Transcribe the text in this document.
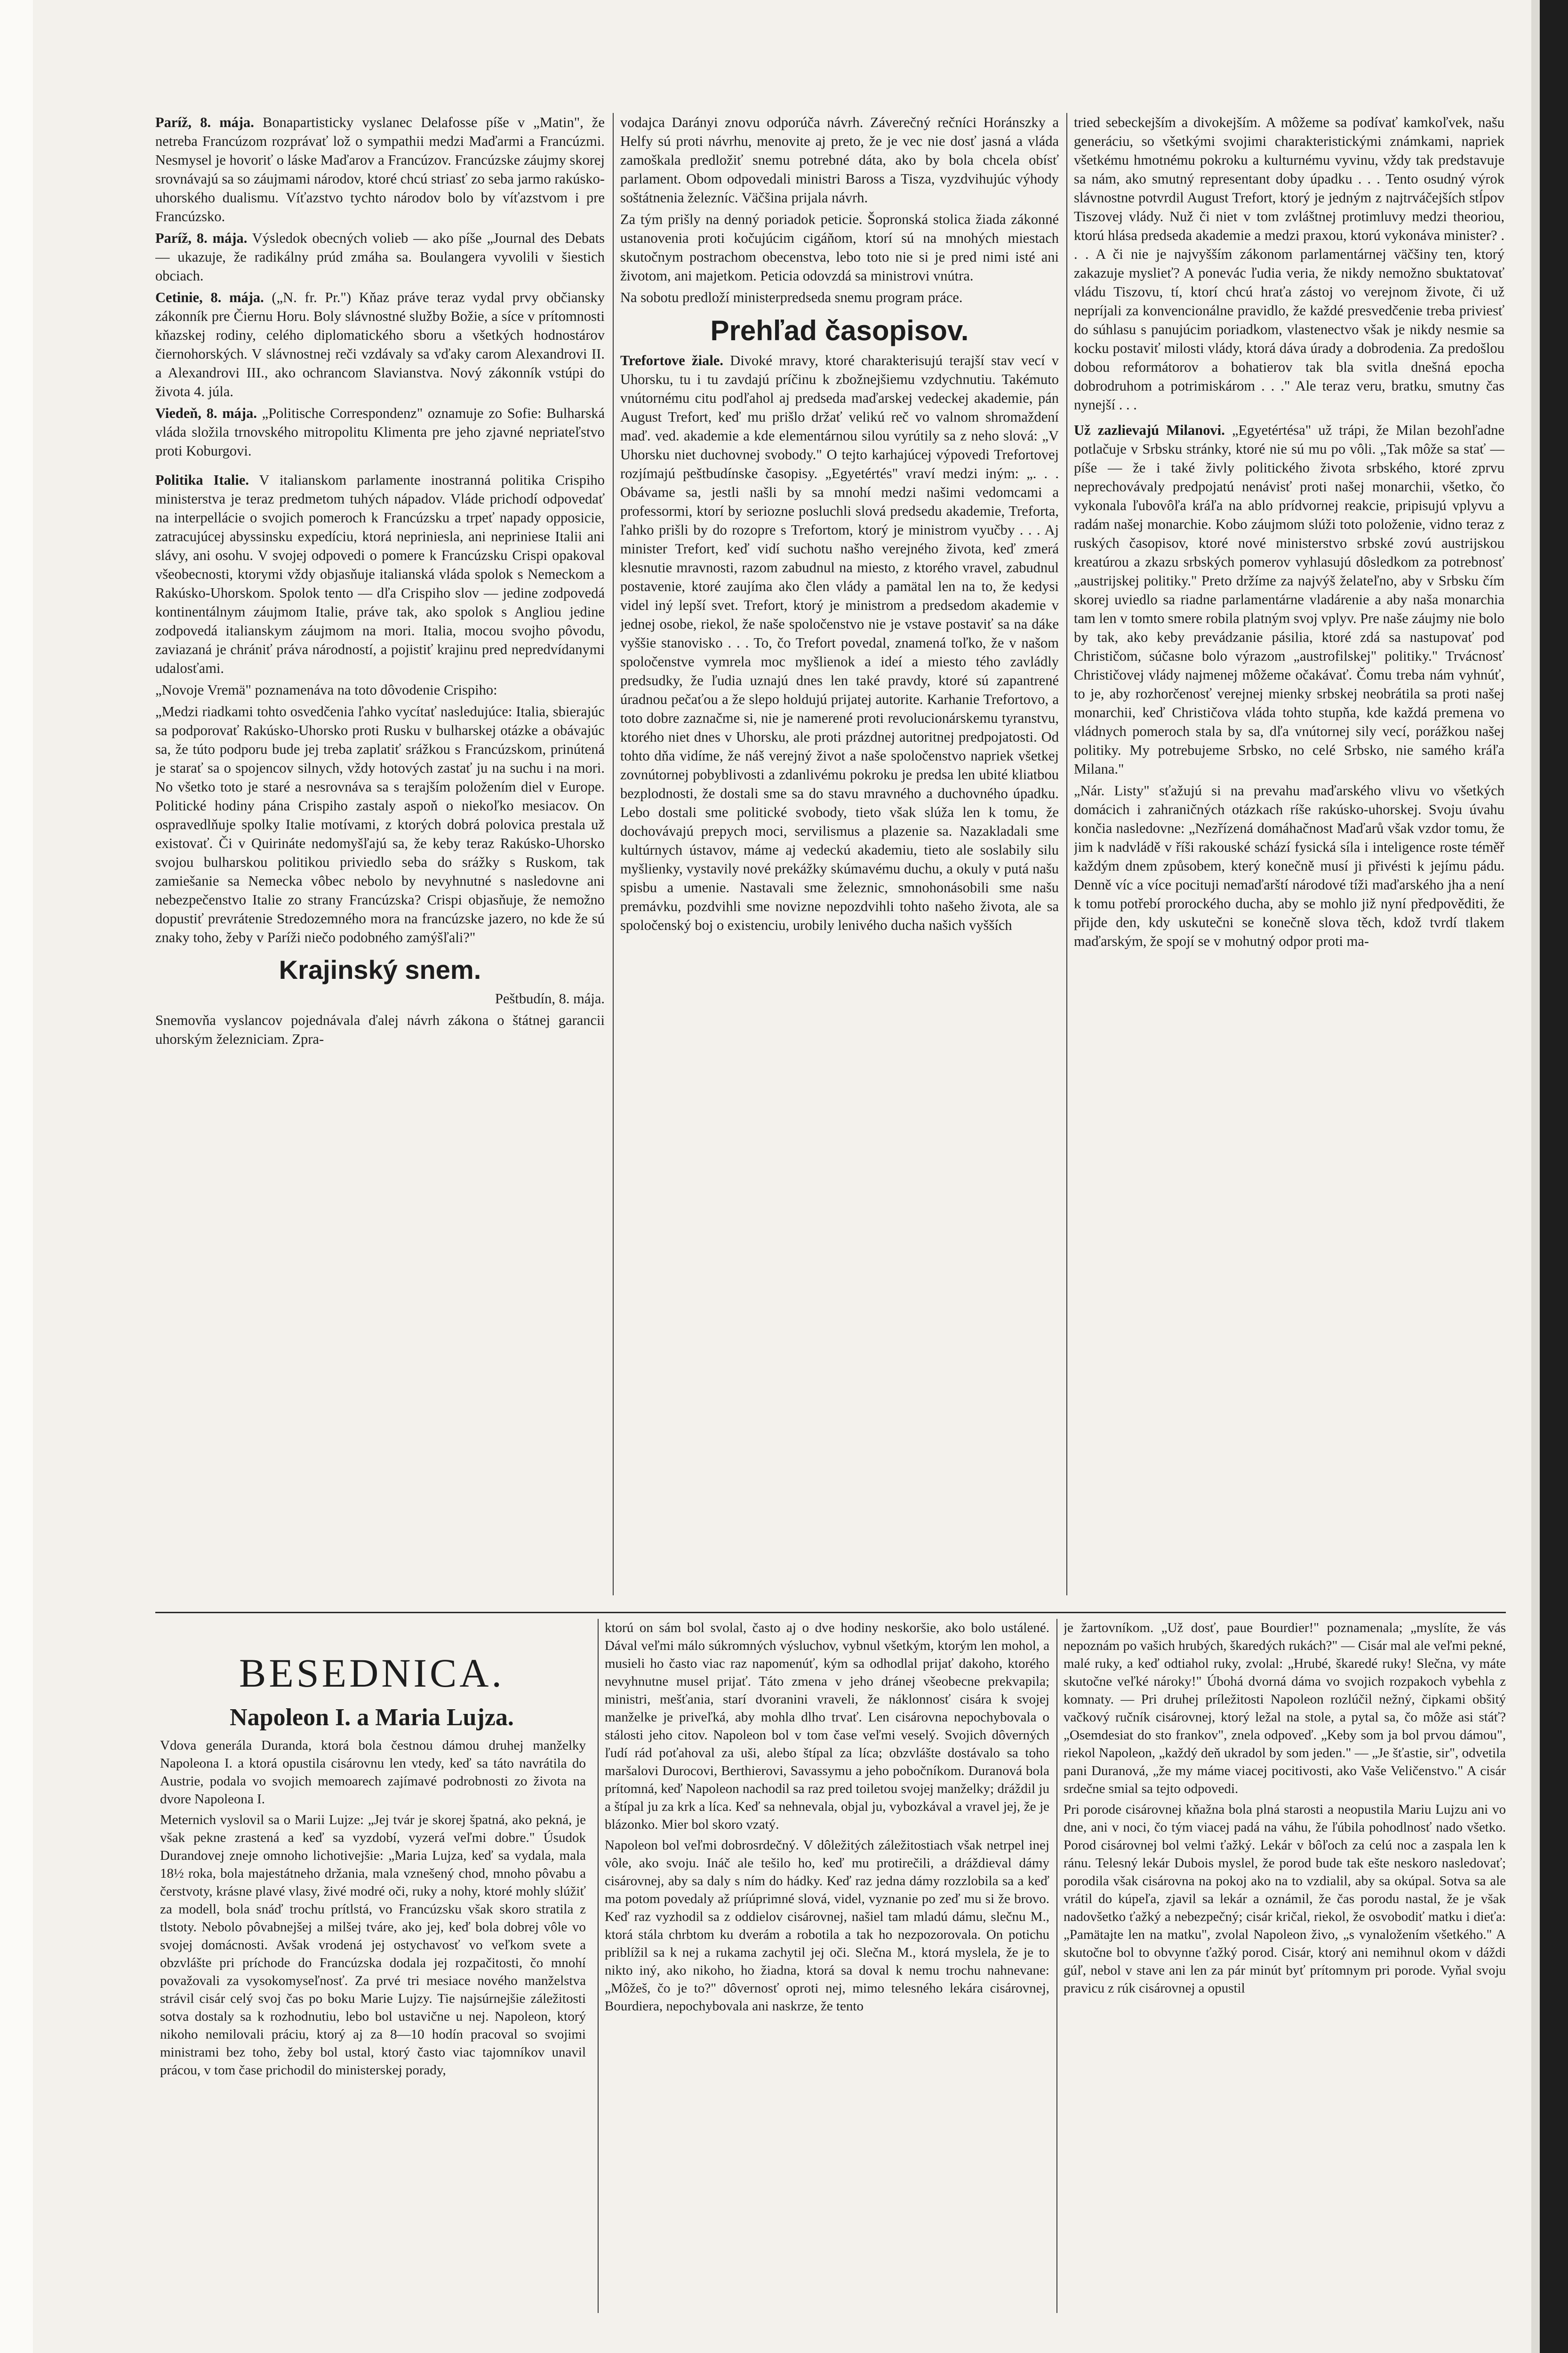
Paríž, 8. mája. Bonapartisticky vyslanec Delafosse píše v „Matin", že netreba Francúzom rozprávať lož o sympathii medzi Maďarmi a Francúzmi. Nesmysel je hovoriť o láske Maďarov a Francúzov. Francúzske záujmy skorej srovnávajú sa so záujmami národov, ktoré chcú striasť zo seba jarmo rakúsko-uhorského dualismu. Víťazstvo tychto národov bolo by víťazstvom i pre Francúzsko.

Paríž, 8. mája. Výsledok obecných volieb — ako píše „Journal des Debats — ukazuje, že radikálny prúd zmáha sa. Boulangera vyvolili v šiestich obciach.

Cetinie, 8. mája. („N. fr. Pr.") Kňaz práve teraz vydal prvy občiansky zákonník pre Čiernu Horu. Boly slávnostné služby Božie, a síce v prítomnosti kňazskej rodiny, celého diplomatického sboru a všetkých hodnostárov čiernohorských. V slávnostnej reči vzdávaly sa vďaky carom Alexandrovi II. a Alexandrovi III., ako ochrancom Slavianstva. Nový zákonník vstúpi do života 4. júla.

Viedeň, 8. mája. „Politische Correspondenz" oznamuje zo Sofie: Bulharská vláda složila trnovského mitropolitu Klimenta pre jeho zjavné nepriateľstvo proti Koburgovi.

Politika Italie. V italianskom parlamente inostranná politika Crispiho ministerstva je teraz predmetom tuhých nápadov. Vláde prichodí odpovedať na interpellácie o svojich pomeroch k Francúzsku a trpeť napady opposicie, zatracujúcej abyssinsku expedíciu, ktorá nepriniesla, ani nepriniese Italii ani slávy, ani osohu. V svojej odpovedi o pomere k Francúzsku Crispi opakoval všeobecnosti, ktorymi vždy objasňuje italianská vláda spolok s Nemeckom a Rakúsko-Uhorskom. Spolok tento — dľa Crispiho slov — jedine zodpovedá kontinentálnym záujmom Italie, práve tak, ako spolok s Angliou jedine zodpovedá italianskym záujmom na mori. Italia, mocou svojho pôvodu, zaviazaná je chrániť práva národností, a pojistiť krajinu pred nepredvídanymi udalosťami.

„Novoje Vremä" poznamenáva na toto dôvodenie Crispiho:

„Medzi riadkami tohto osvedčenia ľahko vycítať nasledujúce: Italia, sbierajúc sa podporovať Rakúsko-Uhorsko proti Rusku v bulharskej otázke a obávajúc sa, že túto podporu bude jej treba zaplatiť srážkou s Francúzskom, prinútená je starať sa o spojencov silnych, vždy hotových zastať ju na suchu i na mori. No všetko toto je staré a nesrovnáva sa s terajším položením diel v Europe. Politické hodiny pána Crispiho zastaly aspoň o niekoľko mesiacov. On ospravedlňuje spolky Italie motívami, z ktorých dobrá polovica prestala už existovať. Či v Quirináte nedomyšľajú sa, že keby teraz Rakúsko-Uhorsko svojou bulharskou politikou priviedlo seba do srážky s Ruskom, tak zamiešanie sa Nemecka vôbec nebolo by nevyhnutné s nasledovne ani nebezpečenstvo Italie zo strany Francúzska? Crispi objasňuje, že nemožno dopustiť prevrátenie Stredozemného mora na francúzske jazero, no kde že sú znaky toho, žeby v Paríži niečo podobného zamýšľali?"

Krajinský snem.

Peštbudín, 8. mája.

Snemovňa vyslancov pojednávala ďalej návrh zákona o štátnej garancii uhorským železniciam. Zpra-

vodajca Darányi znovu odporúča návrh. Záverečný rečníci Horánszky a Helfy sú proti návrhu, menovite aj preto, že je vec nie dosť jasná a vláda zamoškala predložiť snemu potrebné dáta, ako by bola chcela obísť parlament. Obom odpovedali ministri Baross a Tisza, vyzdvihujúc výhody soštátnenia železníc. Väčšina prijala návrh.

Za tým prišly na denný poriadok peticie. Šopronská stolica žiada zákonné ustanovenia proti kočujúcim cigáňom, ktorí sú na mnohých miestach skutočnym postrachom obecenstva, lebo toto nie si je pred nimi isté ani životom, ani majetkom. Peticia odovzdá sa ministrovi vnútra.

Na sobotu predloží ministerpredseda snemu program práce.

Prehľad časopisov.

Trefortove žiale. Divoké mravy, ktoré charakterisujú terajší stav vecí v Uhorsku, tu i tu zavdajú príčinu k zbožnejšiemu vzdychnutiu. Takémuto vnútornému citu podľahol aj predseda maďarskej vedeckej akademie, pán August Trefort, keď mu prišlo držať velikú reč vo valnom shromaždení maď. ved. akademie a kde elementárnou silou vyrútily sa z neho slová: „V Uhorsku niet duchovnej svobody." O tejto karhajúcej výpovedi Trefortovej rozjímajú peštbudínske časopisy. „Egyetértés" vraví medzi iným: „. . . Obávame sa, jestli našli by sa mnohí medzi našimi vedomcami a professormi, ktorí by seriozne posluchli slová predsedu akademie, Treforta, ľahko prišli by do rozopre s Trefortom, ktorý je ministrom vyučby . . . Aj minister Trefort, keď vidí suchotu našho verejného života, keď zmerá klesnutie mravnosti, razom zabudnul na miesto, z ktorého vravel, zabudnul postavenie, ktoré zaujíma ako člen vlády a pamätal len na to, že kedysi videl iný lepší svet. Trefort, ktorý je ministrom a predsedom akademie v jednej osobe, riekol, že naše spoločenstvo nie je vstave postaviť sa na dáke vyššie stanovisko . . . To, čo Trefort povedal, znamená toľko, že v našom spoločenstve vymrela moc myšlienok a ideí a miesto tého zavládly predsudky, že ľudia uznajú dnes len také pravdy, ktoré sú zapantrené úradnou pečaťou a že slepo holdujú prijatej autorite. Karhanie Trefortovo, a toto dobre zaznačme si, nie je namerené proti revolucionárskemu tyranstvu, ktorého niet dnes v Uhorsku, ale proti prázdnej autoritnej predpojatosti. Od tohto dňa vidíme, že náš verejný život a naše spoločenstvo napriek všetkej zovnútornej pobyblivosti a zdanlivému pokroku je predsa len ubité kliatbou bezplodnosti, že dostali sme sa do stavu mravného a duchovného úpadku. Lebo dostali sme politické svobody, tieto však slúža len k tomu, že dochovávajú prepych moci, servilismus a plazenie sa. Nazakladali sme kultúrnych ústavov, máme aj vedeckú akademiu, tieto ale soslabily silu myšlienky, vystavily nové prekážky skúmavému duchu, a okuly v putá našu spisbu a umenie. Nastavali sme železnic, smnohonásobili sme našu premávku, pozdvihli sme novizne nepozdvihli tohto našeho života, ale sa spoločenský boj o existenciu, urobily lenivého ducha našich vyšších

tried sebeckejším a divokejším. A môžeme sa podívať kamkoľvek, našu generáciu, so všetkými svojimi charakteristickými známkami, napriek všetkému hmotnému pokroku a kulturnému vyvinu, vždy tak predstavuje sa nám, ako smutný representant doby úpadku . . . Tento osudný výrok slávnostne potvrdil August Trefort, ktorý je jedným z najtrváčejších stĺpov Tiszovej vlády. Nuž či niet v tom zvláštnej protimluvy medzi theoriou, ktorú hlása predseda akademie a medzi praxou, ktorú vykonáva minister? . . . A či nie je najvyšším zákonom parlamentárnej väčšiny ten, ktorý zakazuje myslieť? A ponevác ľudia veria, že nikdy nemožno sbuktatovať vládu Tiszovu, tí, ktorí chcú hraťa zástoj vo verejnom živote, či už nepríjali za konvencionálne pravidlo, že každé presvedčenie treba priviesť do súhlasu s panujúcim poriadkom, vlastenectvo však je nikdy nesmie sa kocku postaviť milosti vlády, ktorá dáva úrady a dobrodenia. Za predošlou dobou reformátorov a bohatierov tak bla svitla dnešná epocha dobrodruhom a potrimiskárom . . ." Ale teraz veru, bratku, smutny čas nynejší . . .

Už zazlievajú Milanovi. „Egyetértésa" už trápi, že Milan bezohľadne potlačuje v Srbsku stránky, ktoré nie sú mu po vôli. „Tak môže sa stať — píše — že i také živly politického života srbského, ktoré zprvu neprechovávaly predpojatú nenávisť proti našej monarchii, všetko, čo vykonala ľubovôľa kráľa na ablo prídvornej reakcie, pripisujú vplyvu a radám našej monarchie. Kobo záujmom slúži toto položenie, vidno teraz z ruských časopisov, ktoré nové ministerstvo srbské zovú austrijskou kreatúrou a zkazu srbských pomerov vyhlasujú dôsledkom za potrebnosť „austrijskej politiky." Preto držíme za najvýš želateľno, aby v Srbsku čím skorej uviedlo sa riadne parlamentárne vladárenie a aby naša monarchia tam len v tomto smere robila platným svoj vplyv. Pre naše záujmy nie bolo by tak, ako keby prevádzanie pásilia, ktoré zdá sa nastupovať pod Christičom, súčasne bolo výrazom „austrofilskej" politiky." Trvácnosť Christičovej vlády najmenej môžeme očakávať. Čomu treba nám vyhnúť, to je, aby rozhorčenosť verejnej mienky srbskej neobrátila sa proti našej monarchii, keď Christičova vláda tohto stupňa, kde každá premena vo vládnych pomeroch stala by sa, dľa vnútornej sily vecí, porážkou našej politiky. My potrebujeme Srbsko, no celé Srbsko, nie samého kráľa Milana."

„Nár. Listy" sťažujú si na prevahu maďarského vlivu vo všetkých domácich i zahraničných otázkach ríše rakúsko-uhorskej. Svoju úvahu končia nasledovne: „Nezřízená domáhačnost Maďarů však vzdor tomu, že jim k nadvládě v říši rakouské schází fysická síla i inteligence roste téměř každým dnem způsobem, který konečně musí ji přivésti k jejímu pádu. Denně víc a více pocituji nemaďarští národové tíži maďarského jha a není k tomu potřebí prorockého ducha, aby se mohlo již nyní předpověditi, že přijde den, kdy uskutečni se konečně slova těch, kdož tvrdí tlakem maďarským, že spojí se v mohutný odpor proti ma-

BESEDNICA.
Napoleon I. a Maria Lujza.

Vdova generála Duranda, ktorá bola čestnou dámou druhej manželky Napoleona I. a ktorá opustila cisárovnu len vtedy, keď sa táto navrátila do Austrie, podala vo svojich memoarech zajímavé podrobnosti zo života na dvore Napoleona I.

Meternich vyslovil sa o Marii Lujze: „Jej tvár je skorej špatná, ako pekná, je však pekne zrastená a keď sa vyzdobí, vyzerá veľmi dobre." Úsudok Durandovej zneje omnoho lichotivejšie: „Maria Lujza, keď sa vydala, mala 18½ roka, bola majestátneho držania, mala vznešený chod, mnoho pôvabu a čerstvoty, krásne plavé vlasy, živé modré oči, ruky a nohy, ktoré mohly slúžiť za modell, bola snáď trochu prítlstá, vo Francúzsku však skoro stratila z tlstoty. Nebolo pôvabnejšej a milšej tváre, ako jej, keď bola dobrej vôle vo svojej domácnosti. Avšak vrodená jej ostychavosť vo veľkom svete a obzvlášte pri príchode do Francúzska dodala jej rozpačitosti, čo mnohí považovali za vysokomyseľnosť. Za prvé tri mesiace nového manželstva strávil cisár celý svoj čas po boku Marie Lujzy. Tie najsúrnejšie záležitosti sotva dostaly sa k rozhodnutiu, lebo bol ustavične u nej. Napoleon, ktorý nikoho nemilovali práciu, ktorý aj za 8—10 hodín pracoval so svojimi ministrami bez toho, žeby bol ustal, ktorý často viac tajomníkov unavil prácou, v tom čase prichodil do ministerskej porady,

ktorú on sám bol svolal, často aj o dve hodiny neskoršie, ako bolo ustálené. Dával veľmi málo súkromných výsluchov, vybnul všetkým, ktorým len mohol, a musieli ho často viac raz napomenúť, kým sa odhodlal prijať dakoho, ktorého nevyhnutne musel prijať. Táto zmena v jeho dránej všeobecne prekvapila; ministri, mešťania, starí dvoranini vraveli, že náklonnosť cisára k svojej manželke je priveľká, aby mohla dlho trvať. Len cisárovna nepochybovala o stálosti jeho citov. Napoleon bol v tom čase veľmi veselý. Svojich dôverných ľudí rád poťahoval za uši, alebo štípal za líca; obzvlášte dostávalo sa toho maršalovi Durocovi, Berthierovi, Savassymu a jeho pobočníkom. Duranová bola prítomná, keď Napoleon nachodil sa raz pred toiletou svojej manželky; dráždil ju a štípal ju za krk a líca. Keď sa nehnevala, objal ju, vybozkával a vravel jej, že je blázonko. Mier bol skoro vzatý.

Napoleon bol veľmi dobrosrdečný. V dôležitých záležitostiach však netrpel inej vôle, ako svoju. Ináč ale tešilo ho, keď mu protirečili, a dráždieval dámy cisárovnej, aby sa daly s ním do hádky. Keď raz jedna dámy rozzlobila sa a keď ma potom povedaly až príúprimné slová, videl, vyznanie po zeď mu si že brovo. Keď raz vyzhodil sa z oddielov cisárovnej, našiel tam mladú dámu, slečnu M., ktorá stála chrbtom ku dverám a robotila a tak ho nezpozorovala. On potichu priblížil sa k nej a rukama zachytil jej oči. Slečna M., ktorá myslela, že je to nikto iný, ako nikoho, ho žiadna, ktorá sa doval k nemu trochu nahnevane: „Môžeš, čo je to?" dôvernosť oproti nej, mimo telesného lekára cisárovnej, Bourdiera, nepochybovala ani naskrze, že tento

je žartovníkom. „Už dosť, paue Bourdier!" poznamenala; „myslíte, že vás nepoznám po vašich hrubých, škaredých rukách?" — Cisár mal ale veľmi pekné, malé ruky, a keď odtiahol ruky, zvolal: „Hrubé, škaredé ruky! Slečna, vy máte skutočne veľké nároky!" Úbohá dvorná dáma vo svojich rozpakoch vybehla z komnaty. — Pri druhej príležitosti Napoleon rozlúčil nežný, čipkami obšitý vačkový ručník cisárovnej, ktorý ležal na stole, a pytal sa, čo môže asi stáť? „Osemdesiat do sto frankov", znela odpoveď. „Keby som ja bol prvou dámou", riekol Napoleon, „každý deň ukradol by som jeden." — „Je šťastie, sir", odvetila pani Duranová, „že my máme viacej pocitivosti, ako Vaše Veličenstvo." A cisár srdečne smial sa tejto odpovedi.

Pri porode cisárovnej kňažna bola plná starosti a neopustila Mariu Lujzu ani vo dne, ani v noci, čo tým viacej padá na váhu, že ľúbila pohodlnosť nado všetko. Porod cisárovnej bol velmi ťažký. Lekár v bôľoch za celú noc a zaspala len k ránu. Telesný lekár Dubois myslel, že porod bude tak ešte neskoro nasledovať; porodila však cisárovna na pokoj ako na to vzdialil, aby sa okúpal. Sotva sa ale vrátil do kúpeľa, zjavil sa lekár a oznámil, že čas porodu nastal, že je však nadovšetko ťažký a nebezpečný; cisár kričal, riekol, že osvobodiť matku i dieťa: „Pamätajte len na matku", zvolal Napoleon živo, „s vynaložením všetkého." A skutočne bol to obvynne ťažký porod. Cisár, ktorý ani nemihnul okom v dáždi gúľ, nebol v stave ani len za pár minút byť prítomnym pri porode. Vyňal svoju pravicu z rúk cisárovnej a opustil
